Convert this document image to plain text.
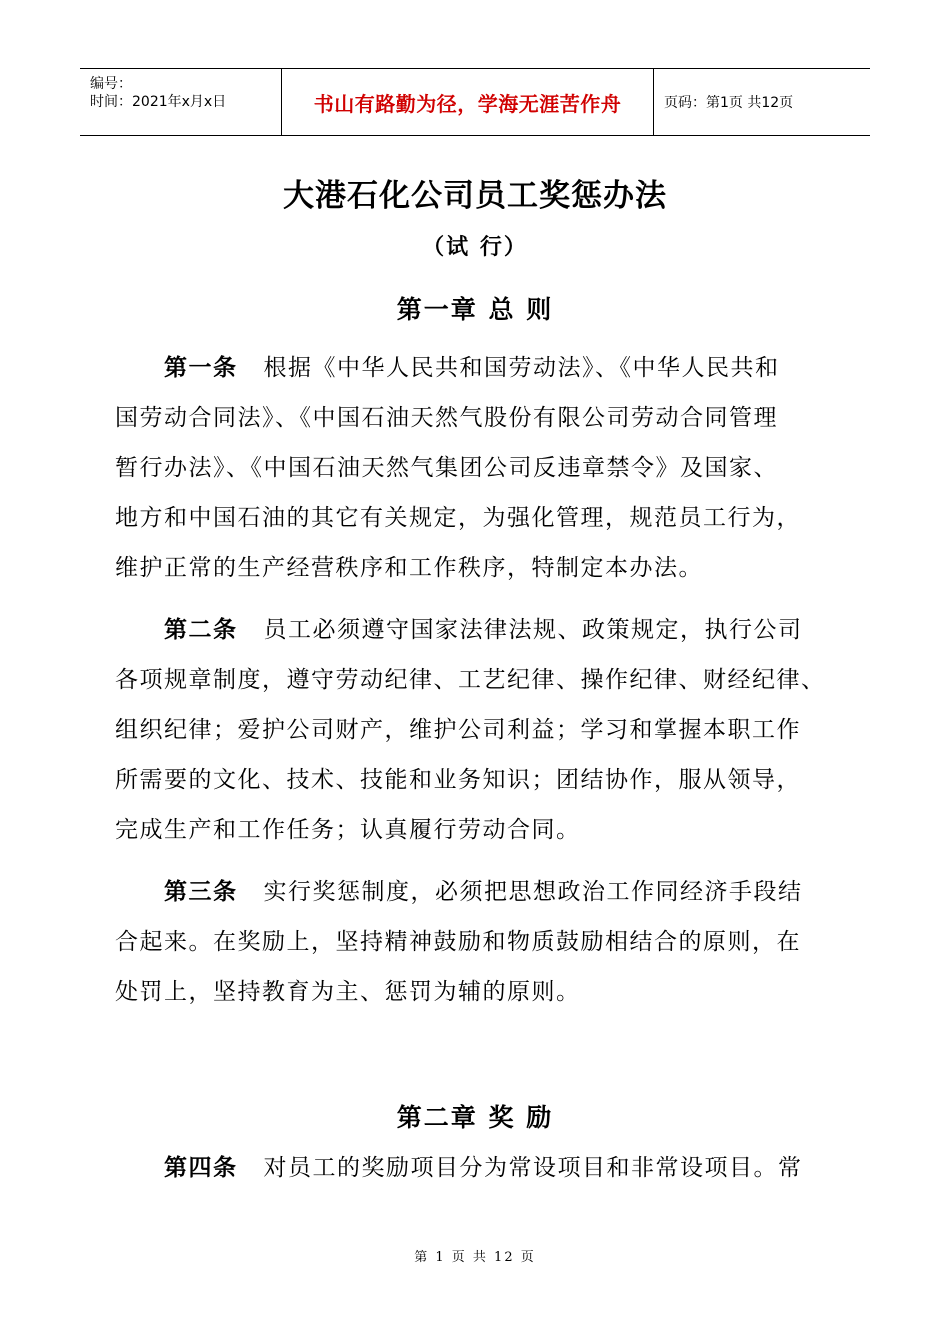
编号：
时间：2021年x月x日	书山有路勤为径，学海无涯苦作舟	页码：第1页 共12页
大港石化公司员工奖惩办法
（试 行）
第一章 总 则
第一条 根据《中华人民共和国劳动法》、《中华人民共和
国劳动合同法》、《中国石油天然气股份有限公司劳动合同管理
暂行办法》、《中国石油天然气集团公司反违章禁令》及国家、
地方和中国石油的其它有关规定，为强化管理，规范员工行为，
维护正常的生产经营秩序和工作秩序，特制定本办法。
第二条 员工必须遵守国家法律法规、政策规定，执行公司
各项规章制度，遵守劳动纪律、工艺纪律、操作纪律、财经纪律、
组织纪律；爱护公司财产，维护公司利益；学习和掌握本职工作
所需要的文化、技术、技能和业务知识；团结协作，服从领导，
完成生产和工作任务；认真履行劳动合同。
第三条 实行奖惩制度，必须把思想政治工作同经济手段结
合起来。在奖励上，坚持精神鼓励和物质鼓励相结合的原则，在
处罚上，坚持教育为主、惩罚为辅的原则。
第二章 奖 励
第四条 对员工的奖励项目分为常设项目和非常设项目。常
第 1 页 共 12 页
